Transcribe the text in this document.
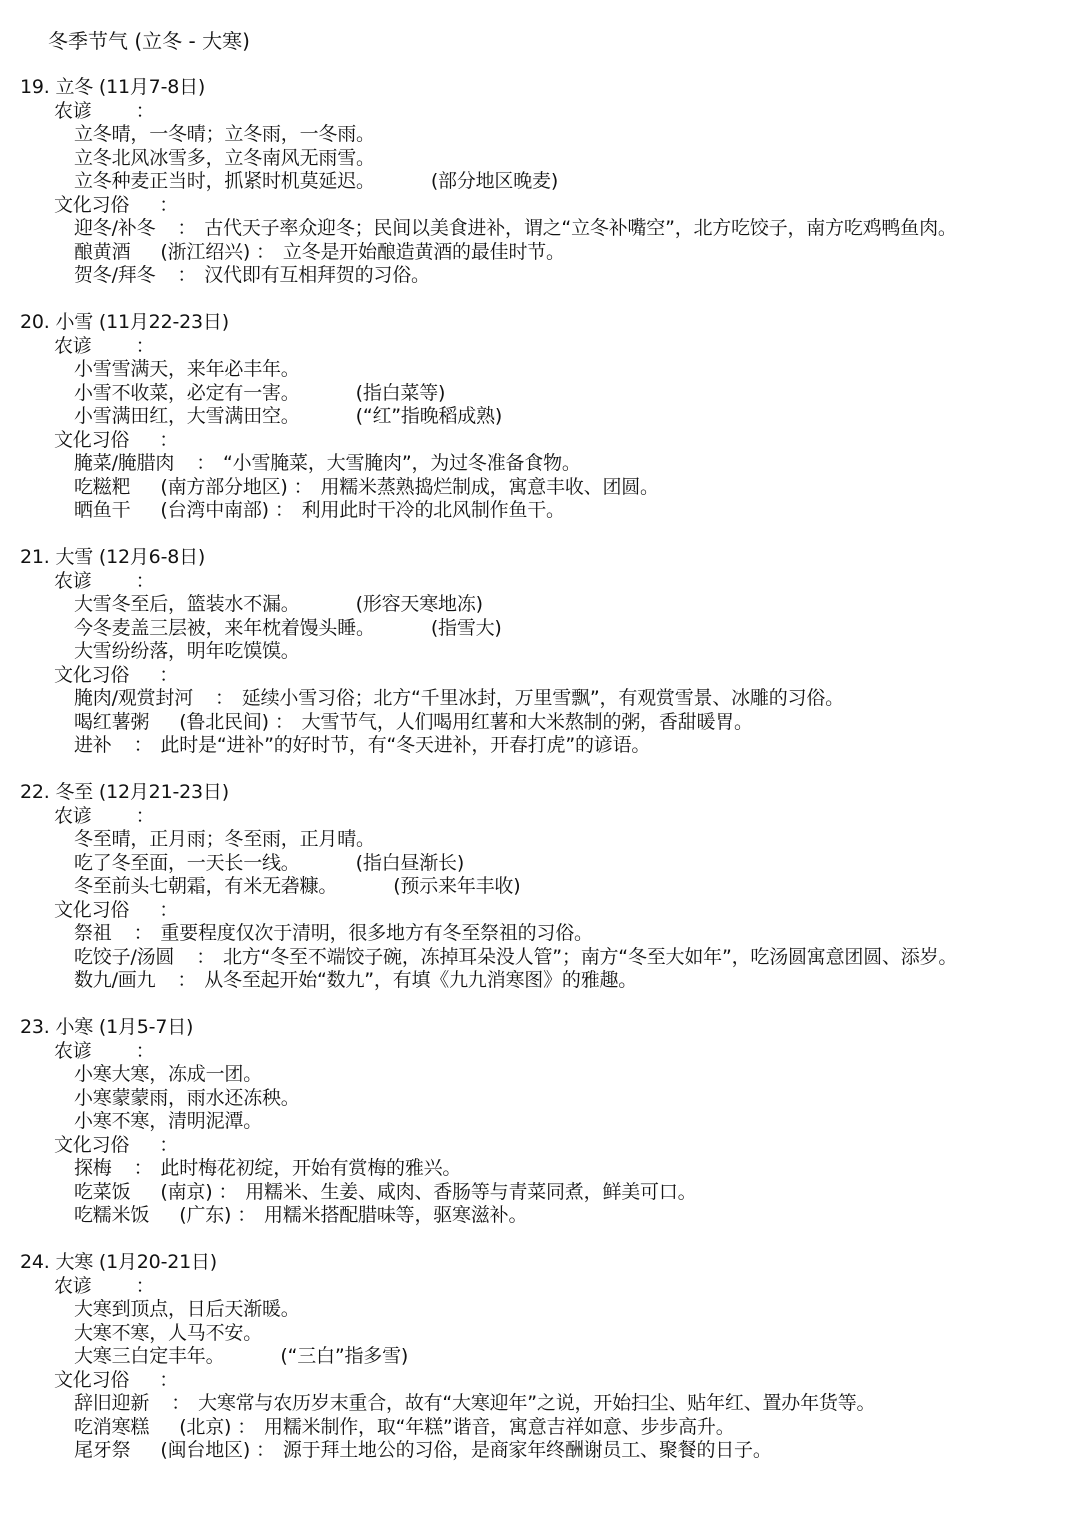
冬季节气 (立冬 - 大寒)
19. 立冬 (11月7-8日)
农谚 ：
立冬晴，一冬晴；立冬雨，一冬雨。
立冬北风冰雪多，立冬南风无雨雪。
立冬种麦正当时，抓紧时机莫延迟。	(部分地区晚麦)
文化习俗 ：
迎冬/补冬 ： 古代天子率众迎冬；民间以美食进补，谓之“立冬补嘴空”，北方吃饺子，南方吃鸡鸭鱼肉。
酿黄酒 (浙江绍兴) ： 立冬是开始酿造黄酒的最佳时节。
贺冬/拜冬 ： 汉代即有互相拜贺的习俗。
20. 小雪 (11月22-23日)
农谚 ：
小雪雪满天，来年必丰年。
小雪不收菜，必定有一害。	(指白菜等)
小雪满田红，大雪满田空。	(“红”指晚稻成熟)
文化习俗 ：
腌菜/腌腊肉 ： “小雪腌菜，大雪腌肉”，为过冬准备食物。
吃糍粑 (南方部分地区) ： 用糯米蒸熟捣烂制成，寓意丰收、团圆。
晒鱼干 (台湾中南部) ： 利用此时干冷的北风制作鱼干。
21. 大雪 (12月6-8日)
农谚 ：
大雪冬至后，篮装水不漏。	(形容天寒地冻)
今冬麦盖三层被，来年枕着馒头睡。	(指雪大)
大雪纷纷落，明年吃馍馍。
文化习俗 ：
腌肉/观赏封河 ： 延续小雪习俗；北方“千里冰封，万里雪飘”，有观赏雪景、冰雕的习俗。
喝红薯粥 (鲁北民间) ： 大雪节气，人们喝用红薯和大米熬制的粥，香甜暖胃。
进补 ： 此时是“进补”的好时节，有“冬天进补，开春打虎”的谚语。
22. 冬至 (12月21-23日)
农谚 ：
冬至晴，正月雨；冬至雨，正月晴。
吃了冬至面，一天长一线。	(指白昼渐长)
冬至前头七朝霜，有米无砻糠。	(预示来年丰收)
文化习俗 ：
祭祖 ： 重要程度仅次于清明，很多地方有冬至祭祖的习俗。
吃饺子/汤圆 ： 北方“冬至不端饺子碗，冻掉耳朵没人管”；南方“冬至大如年”，吃汤圆寓意团圆、添岁。
数九/画九 ： 从冬至起开始“数九”，有填《九九消寒图》的雅趣。
23. 小寒 (1月5-7日)
农谚 ：
小寒大寒，冻成一团。
小寒蒙蒙雨，雨水还冻秧。
小寒不寒，清明泥潭。
文化习俗 ：
探梅 ： 此时梅花初绽，开始有赏梅的雅兴。
吃菜饭 (南京) ： 用糯米、生姜、咸肉、香肠等与青菜同煮，鲜美可口。
吃糯米饭 (广东) ： 用糯米搭配腊味等，驱寒滋补。
24. 大寒 (1月20-21日)
农谚 ：
大寒到顶点，日后天渐暖。
大寒不寒，人马不安。
大寒三白定丰年。	(“三白”指多雪)
文化习俗 ：
辞旧迎新 ： 大寒常与农历岁末重合，故有“大寒迎年”之说，开始扫尘、贴年红、置办年货等。
吃消寒糕 (北京) ： 用糯米制作，取“年糕”谐音，寓意吉祥如意、步步高升。
尾牙祭 (闽台地区) ： 源于拜土地公的习俗，是商家年终酬谢员工、聚餐的日子。
